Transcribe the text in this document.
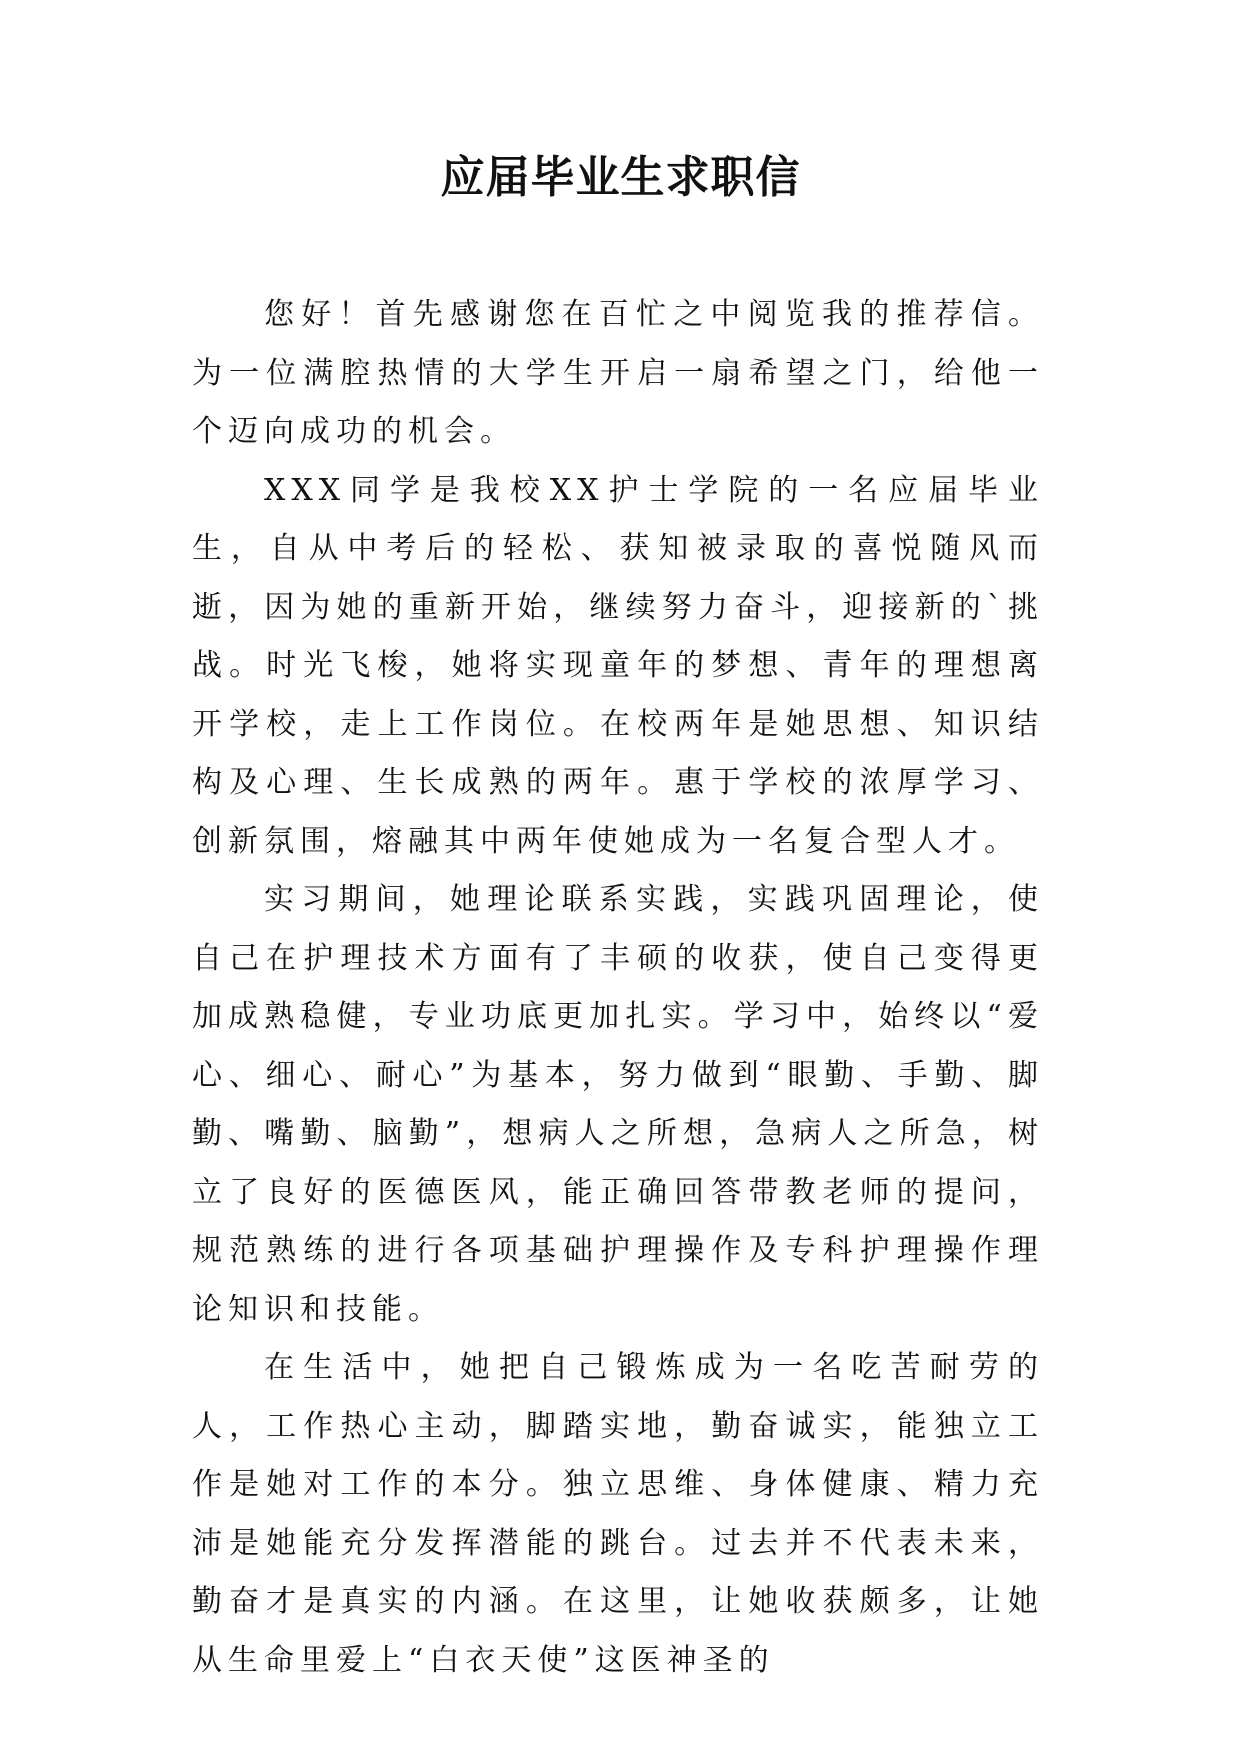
应届毕业生求职信

您好！首先感谢您在百忙之中阅览我的推荐信。为一位满腔热情的大学生开启一扇希望之门，给他一个迈向成功的机会。

XXX同学是我校XX护士学院的一名应届毕业生，自从中考后的轻松、获知被录取的喜悦随风而逝，因为她的重新开始，继续努力奋斗，迎接新的`挑战。时光飞梭，她将实现童年的梦想、青年的理想离开学校，走上工作岗位。在校两年是她思想、知识结构及心理、生长成熟的两年。惠于学校的浓厚学习、创新氛围，熔融其中两年使她成为一名复合型人才。

实习期间，她理论联系实践，实践巩固理论，使自己在护理技术方面有了丰硕的收获，使自己变得更加成熟稳健，专业功底更加扎实。学习中，始终以“爱心、细心、耐心”为基本，努力做到“眼勤、手勤、脚勤、嘴勤、脑勤”，想病人之所想，急病人之所急，树立了良好的医德医风，能正确回答带教老师的提问，规范熟练的进行各项基础护理操作及专科护理操作理论知识和技能。

在生活中，她把自己锻炼成为一名吃苦耐劳的人，工作热心主动，脚踏实地，勤奋诚实，能独立工作是她对工作的本分。独立思维、身体健康、精力充沛是她能充分发挥潜能的跳台。过去并不代表未来，勤奋才是真实的内涵。在这里，让她收获颇多，让她从生命里爱上“白衣天使”这医神圣的
